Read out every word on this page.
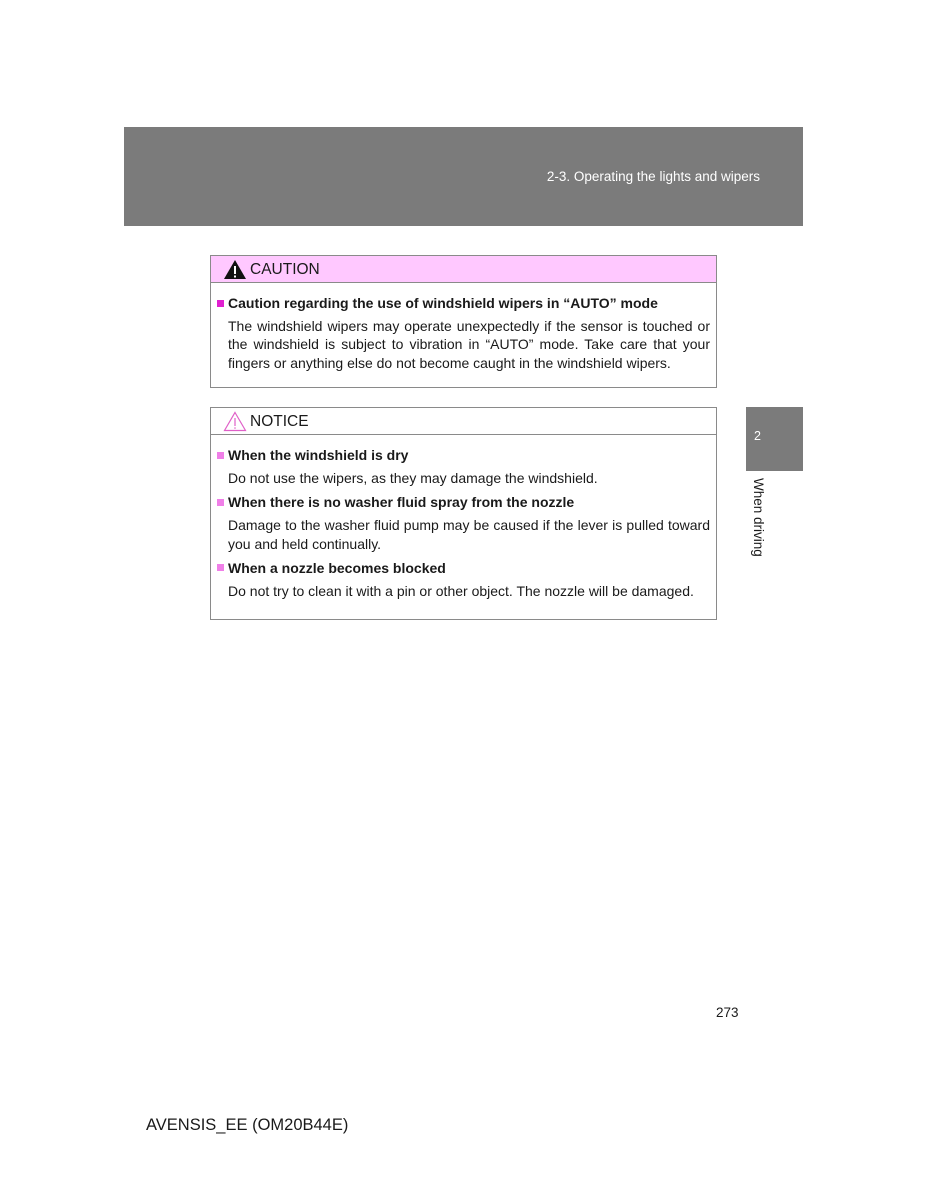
2-3. Operating the lights and wipers
2
When driving
CAUTION
Caution regarding the use of windshield wipers in “AUTO” mode
The windshield wipers may operate unexpectedly if the sensor is touched or the windshield is subject to vibration in “AUTO” mode. Take care that your fingers or anything else do not become caught in the windshield wipers.
NOTICE
When the windshield is dry
Do not use the wipers, as they may damage the windshield.
When there is no washer fluid spray from the nozzle
Damage to the washer fluid pump may be caused if the lever is pulled toward you and held continually.
When a nozzle becomes blocked
Do not try to clean it with a pin or other object. The nozzle will be damaged.
273
AVENSIS_EE (OM20B44E)
